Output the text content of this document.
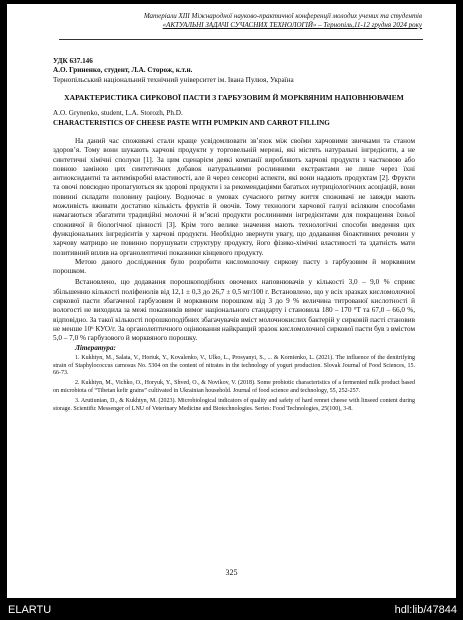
Матеріали XIII Міжнародної науково-практичної конференції молодих учених та студентів
«АКТУАЛЬНІ ЗАДАЧІ СУЧАСНИХ ТЕХНОЛОГІЙ» – Тернопіль,11-12 грудня 2024 року

УДК 637.146

А.О. Гриненко, студент, Л.А. Сторож, к.т.н.

Тернопільський національний технічний університет ім. Івана Пулюя, Україна

ХАРАКТЕРИСТИКА СИРКОВОЇ ПАСТИ З ГАРБУЗОВИМ Й МОРКВЯНИМ НАПОВНЮВАЧЕМ

A.O. Grynenko, student, L.A. Storozh, Ph.D.

CHARACTERISTICS OF CHEESE PASTE WITH PUMPKIN AND CARROT FILLING

На даний час споживачі стали краще усвідомлювати зв’язок між своїми харчовими звичками та станом здоров’я. Тому вони шукають харчові продукти у торговельній мережі, які містять натуральні інгредієнти, а не синтетичні хімічні сполуки [1]. За цим сценарієм деякі компанії виробляють харчові продукти з частковою або повною заміною цих синтетичних добавок натуральними рослинними екстрактами не лише через їхні антиоксидантні та антимікробні властивості, але й через сенсорні аспекти, які вони надають продуктам [2]. Фрукти та овочі повсюдно пропагуються як здорові продукти і за рекомендаціями багатьох нутриціологічних асоціацій, вони повинні складати половину раціону. Водночас в умовах сучасного ритму життя споживачі не завжди мають можливість вживати достатню кількість фруктів й овочів. Тому технологи харчової галузі всіляким способами намагаються збагатити традиційні молочні й м’ясні продукти рослинними інгредієнтами для покращення їхньої споживчої й біологічної цінності [3]. Крім того велике значення мають технологічні способи введення цих функціональних інгредієнтів у харчові продукти. Необхідно звернути увагу, що додавання біоактивних речовин у харчову матрицю не повинно порушувати структуру продукту, його фізико-хімічні властивості та здатність мати позитивний вплив на органолептичні показники кінцевого продукту.

Метою даного дослідження було розробити кисломолочну сиркову пасту з гарбузовим й морквяним порошком.

Встановлено, що додавання порошкоподібних овочевих наповнювачів у кількості 3,0 – 9,0 % сприяє збільшенню кількості поліфенолів від 12,1 ± 0,3 до 26,7 ± 0,5 мг/100 г. Встановлено, що у всіх зразках кисломолочної сиркової пасти збагаченої гарбузовим й морквяним порошком від 3 до 9 % величина титрованої кислотності й вологості не виходила за межі показників вимог національного стандарту і становила 180 – 170 °Т та 67,0 – 66,0 %, відповідно. За такої кількості порошкоподібних збагачувачів вміст молочнокислих бактерій у сирковій пасті становив не менше 10⁶ КУО/г. За органолептичного оцінювання найкращий зразок кисломолочної сиркової пасти був з вмістом 5,0 – 7,0 % гарбузового й морквяного порошку.

Література:

1. Kukhtyn, M., Salata, V., Horiuk, Y., Kovalenko, V., Ulko, L., Prosyanyi, S., ... & Kornienko, L. (2021). The influence of the denitrifying strain of Staphylococcus carnosus No. 5304 on the content of nitrates in the technology of yogurt production. Slovak Journal of Food Sciences, 15. 66-73.

2. Kukhtyn, M., Vichko, O., Horyuk, Y., Shved, O., & Novikov, V. (2018). Some probiotic characteristics of a fermented milk product based on microbiota of “Tibetan kefir grains” cultivated in Ukrainian household. Journal of food science and technology, 55, 252-257.

3. Arutiunian, D., & Kukhtyn, M. (2023). Microbiological indicators of quality and safety of hard rennet cheese with linseed content during storage. Scientific Messenger of LNU of Veterinary Medicine and Biotechnologies. Series: Food Technologies, 25(100), 3-8.

325
ELARTU	hdl:lib/47844
